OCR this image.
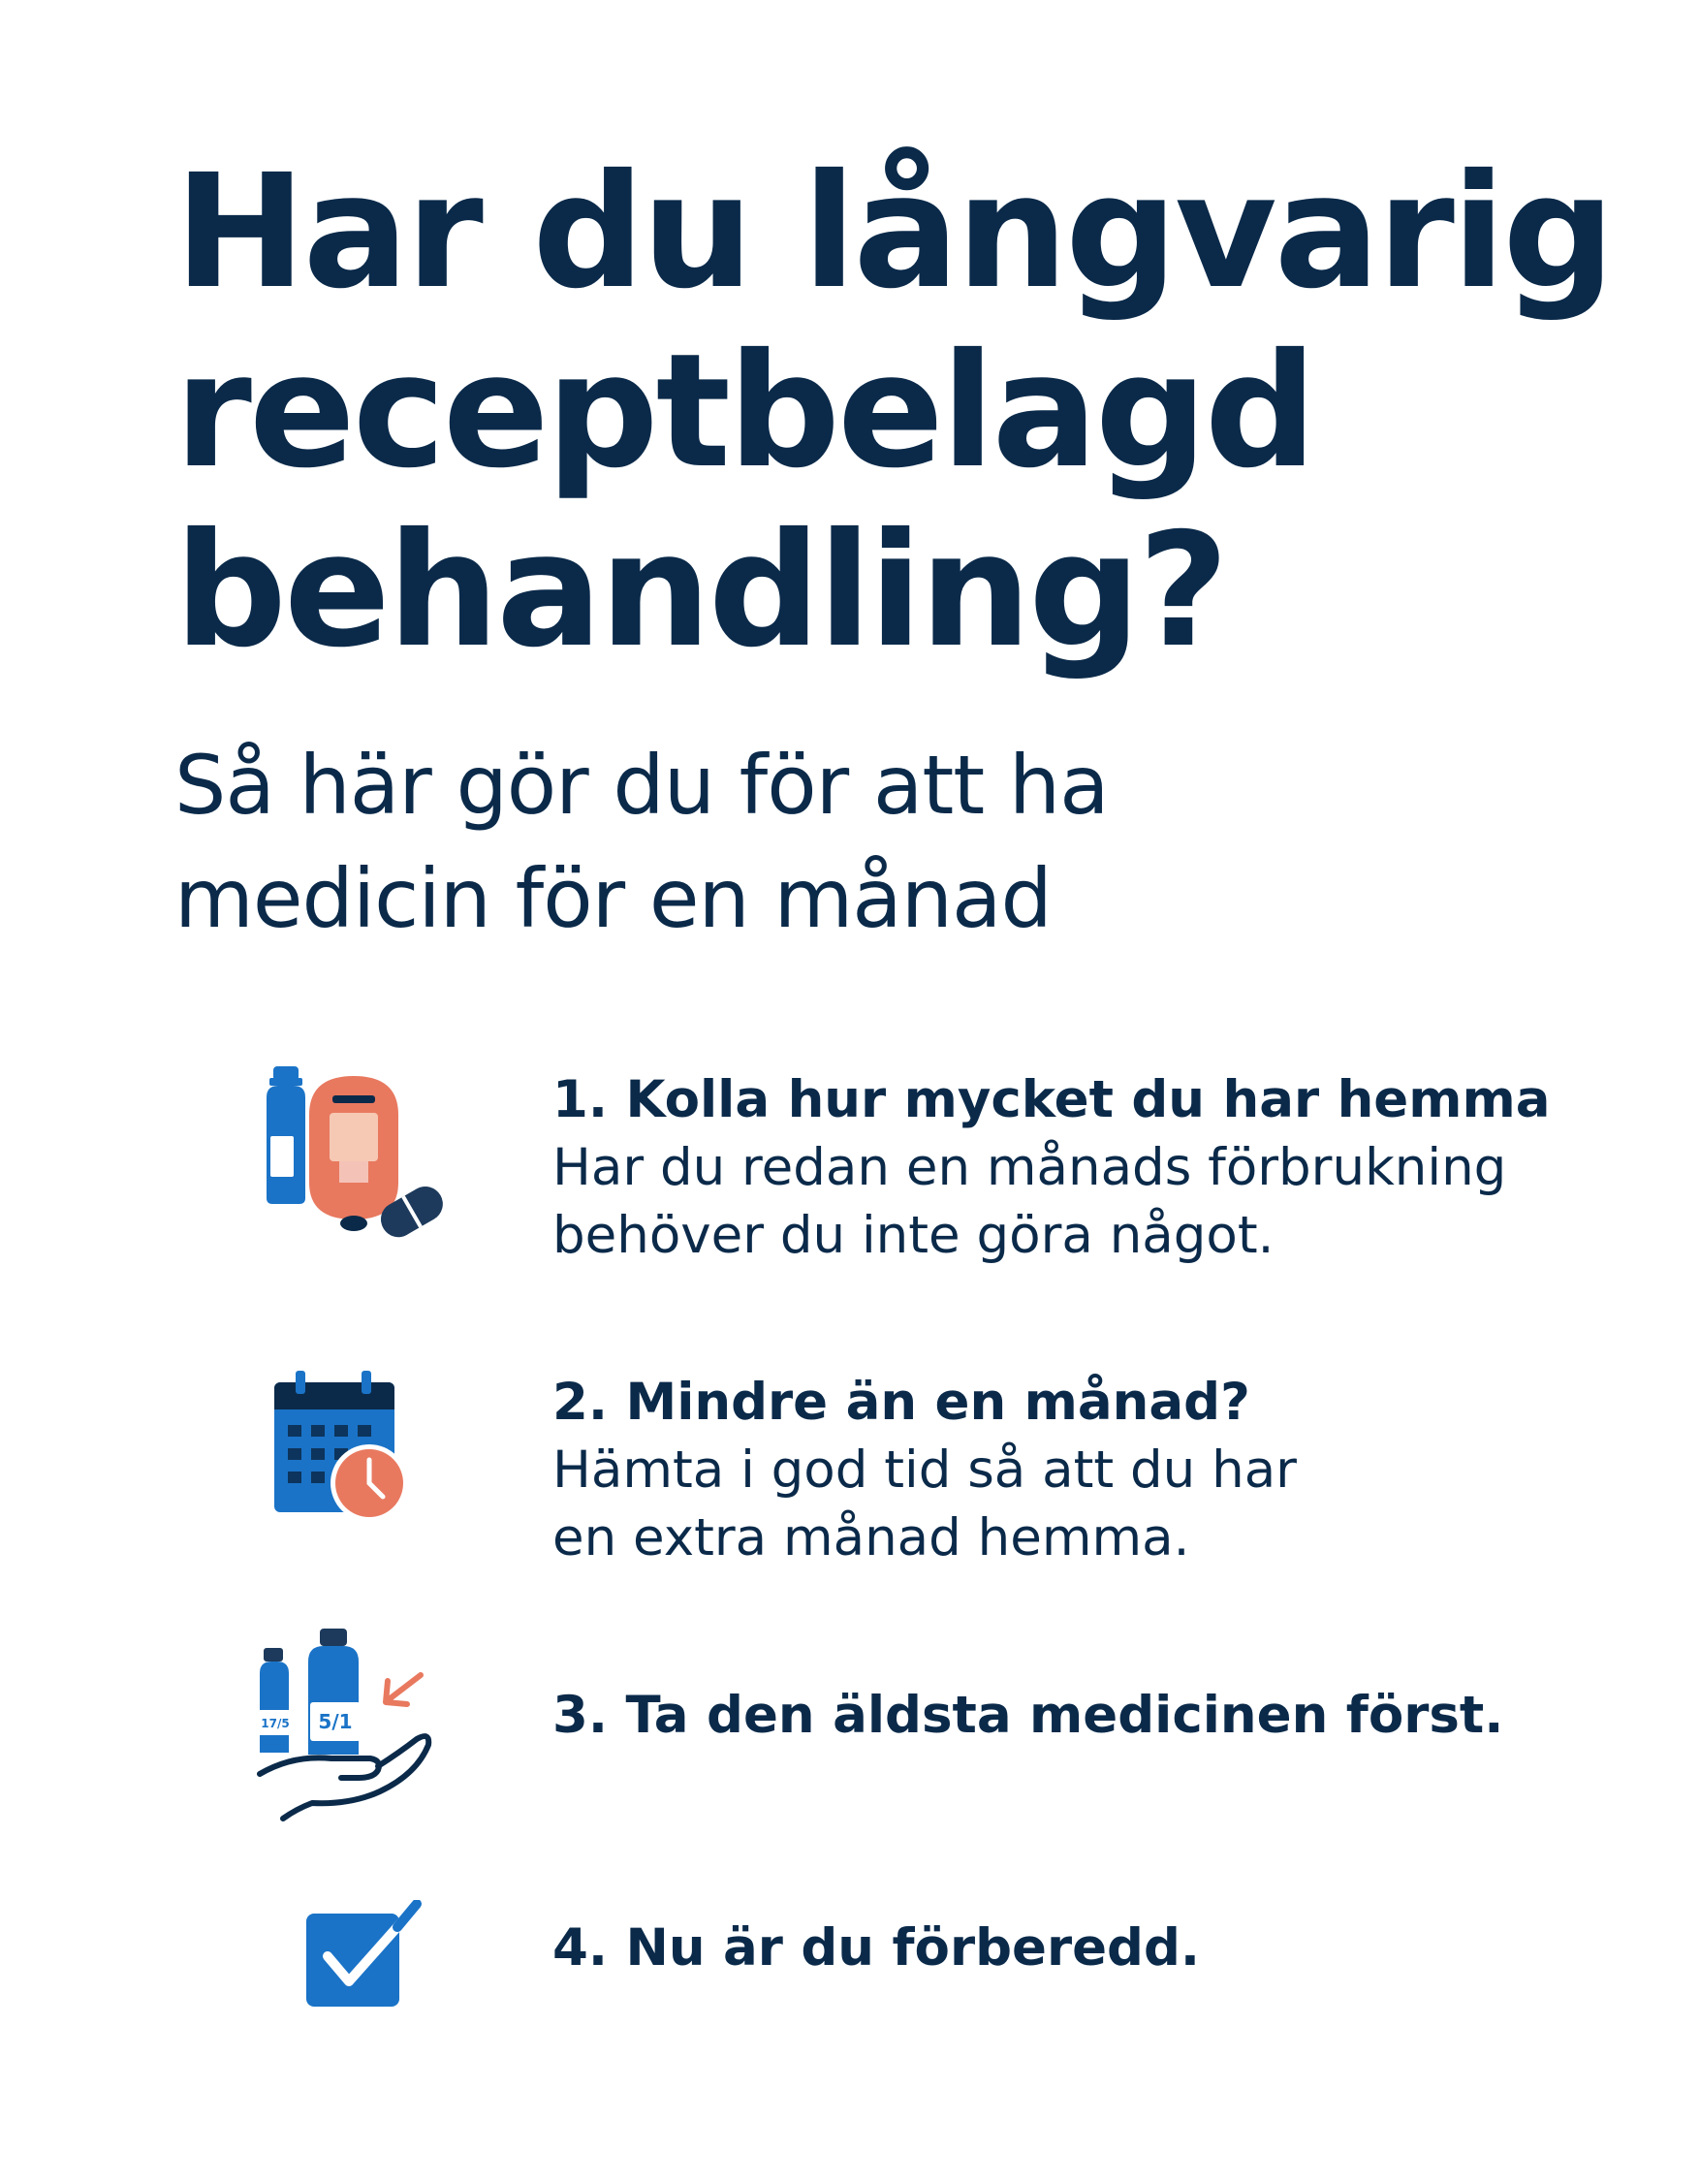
Har du långvarig
receptbelagd
behandling?
Så här gör du för att ha
medicin för en månad
1. Kolla hur mycket du har hemma
Har du redan en månads förbrukning
behöver du inte göra något.
2. Mindre än en månad?
Hämta i god tid så att du har
en extra månad hemma.
17/5 5/1	3. Ta den äldsta medicinen först.
4. Nu är du förberedd.
